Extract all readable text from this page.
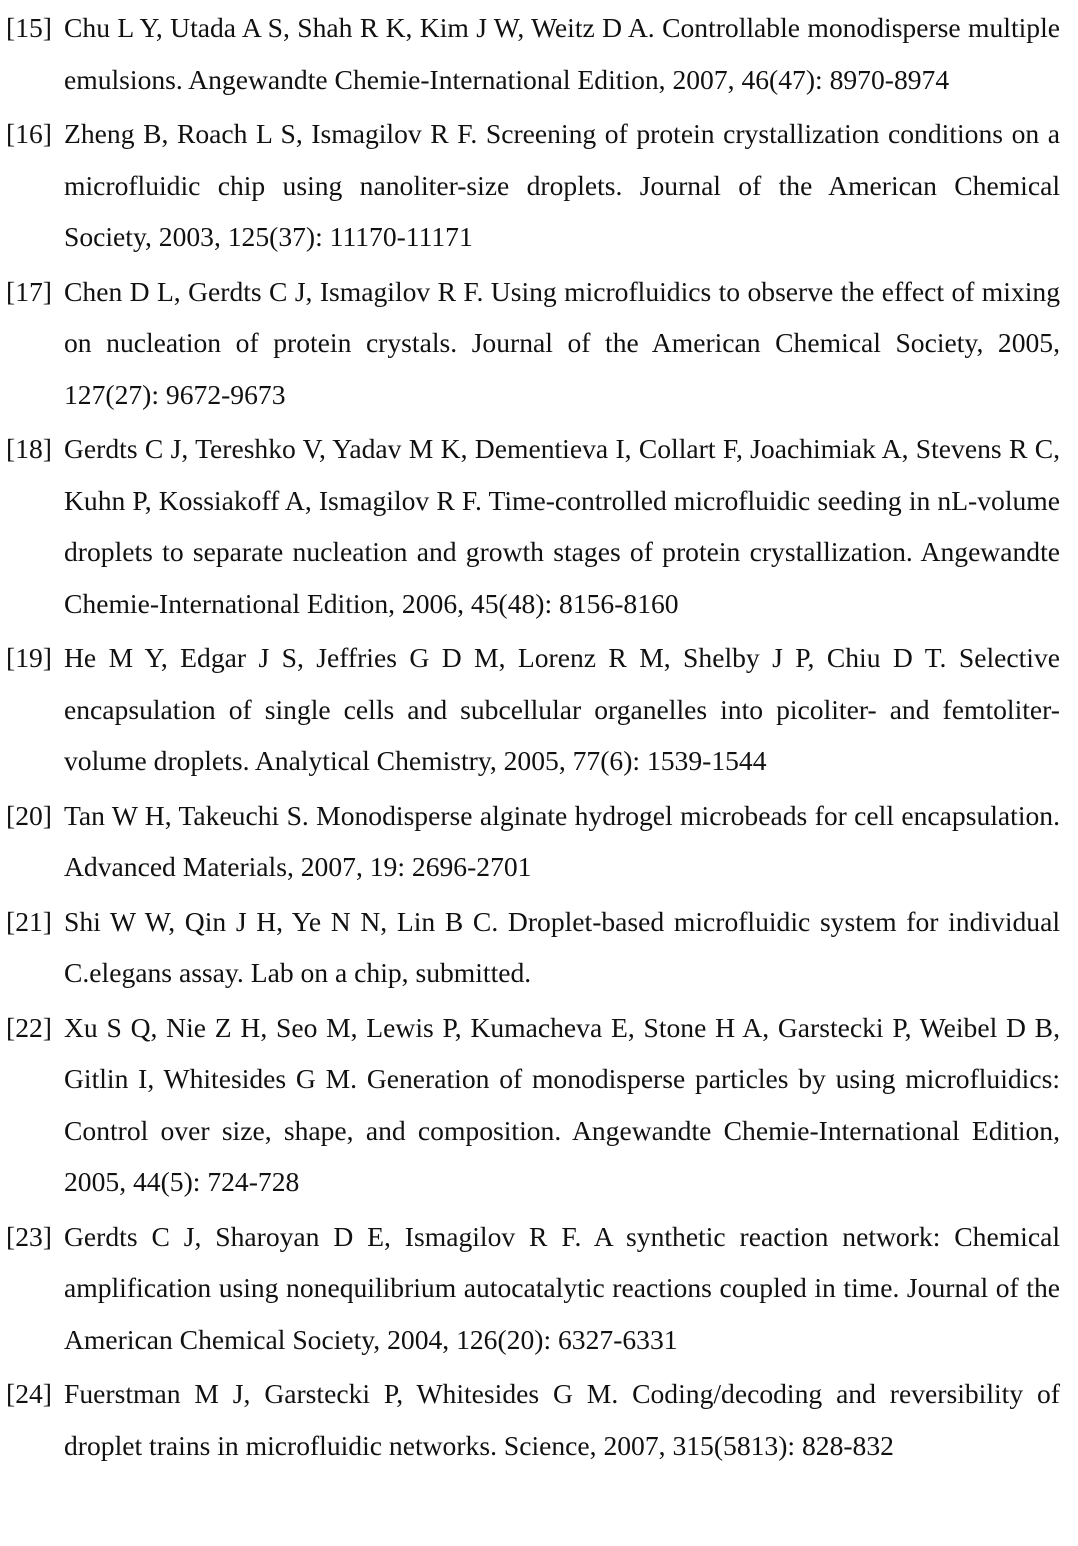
[15] Chu L Y, Utada A S, Shah R K, Kim J W, Weitz D A. Controllable monodisperse multiple emulsions. Angewandte Chemie-International Edition, 2007, 46(47): 8970-8974
[16] Zheng B, Roach L S, Ismagilov R F. Screening of protein crystallization conditions on a microfluidic chip using nanoliter-size droplets. Journal of the American Chemical Society, 2003, 125(37): 11170-11171
[17] Chen D L, Gerdts C J, Ismagilov R F. Using microfluidics to observe the effect of mixing on nucleation of protein crystals. Journal of the American Chemical Society, 2005, 127(27): 9672-9673
[18] Gerdts C J, Tereshko V, Yadav M K, Dementieva I, Collart F, Joachimiak A, Stevens R C, Kuhn P, Kossiakoff A, Ismagilov R F. Time-controlled microfluidic seeding in nL-volume droplets to separate nucleation and growth stages of protein crystallization. Angewandte Chemie-International Edition, 2006, 45(48): 8156-8160
[19] He M Y, Edgar J S, Jeffries G D M, Lorenz R M, Shelby J P, Chiu D T. Selective encapsulation of single cells and subcellular organelles into picoliter- and femtoliter-volume droplets. Analytical Chemistry, 2005, 77(6): 1539-1544
[20] Tan W H, Takeuchi S. Monodisperse alginate hydrogel microbeads for cell encapsulation. Advanced Materials, 2007, 19: 2696-2701
[21] Shi W W, Qin J H, Ye N N, Lin B C. Droplet-based microfluidic system for individual C.elegans assay. Lab on a chip, submitted.
[22] Xu S Q, Nie Z H, Seo M, Lewis P, Kumacheva E, Stone H A, Garstecki P, Weibel D B, Gitlin I, Whitesides G M. Generation of monodisperse particles by using microfluidics: Control over size, shape, and composition. Angewandte Chemie-International Edition, 2005, 44(5): 724-728
[23] Gerdts C J, Sharoyan D E, Ismagilov R F. A synthetic reaction network: Chemical amplification using nonequilibrium autocatalytic reactions coupled in time. Journal of the American Chemical Society, 2004, 126(20): 6327-6331
[24] Fuerstman M J, Garstecki P, Whitesides G M. Coding/decoding and reversibility of droplet trains in microfluidic networks. Science, 2007, 315(5813): 828-832
